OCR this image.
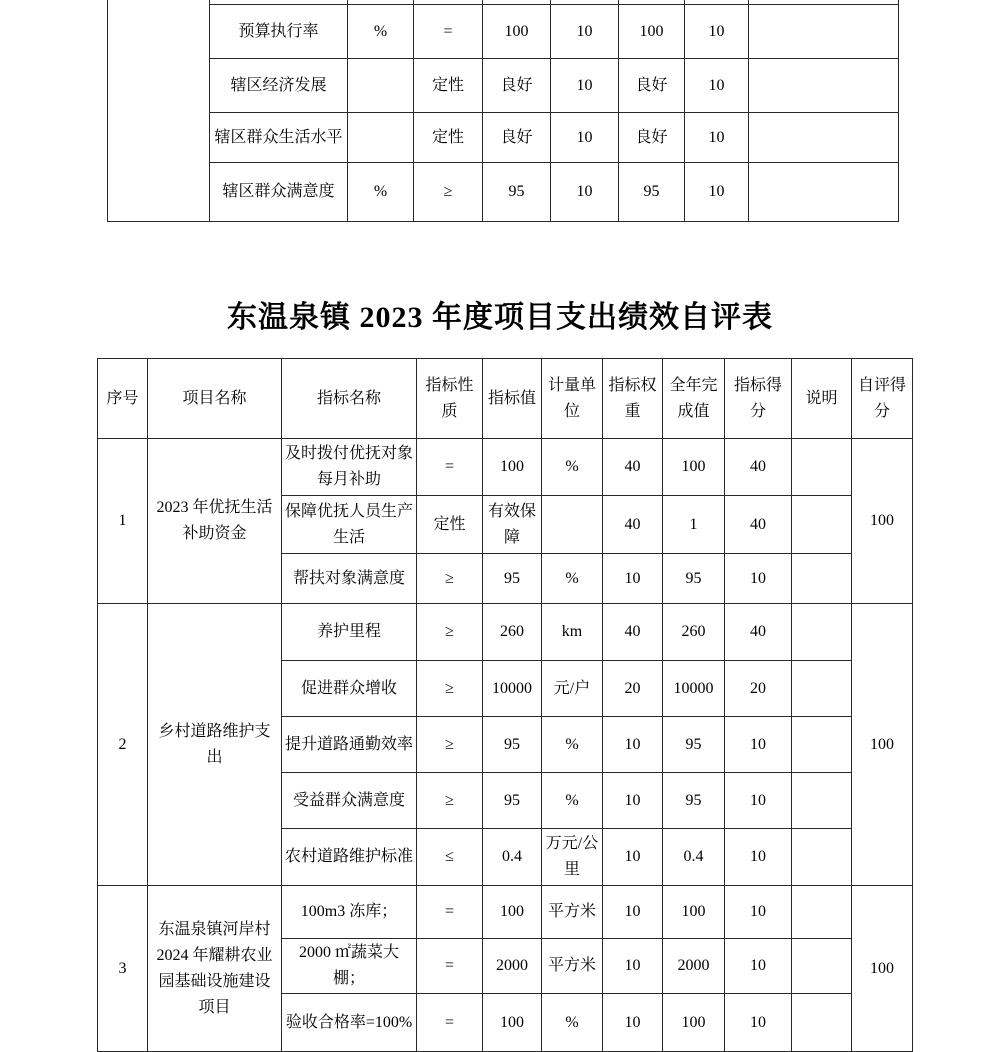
	预算执行率	%	=	100	10	100	10	
	辖区经济发展		定性	良好	10	良好	10	
	辖区群众生活水平		定性	良好	10	良好	10	
	辖区群众满意度	%	≥	95	10	95	10	
东温泉镇 2023 年度项目支出绩效自评表
序号	项目名称	指标名称	指标性质	指标值	计量单位	指标权重	全年完成值	指标得分	说明	自评得分
1	2023 年优抚生活补助资金	及时拨付优抚对象每月补助	=	100	%	40	100	40		100
		保障优抚人员生产生活	定性	有效保障		40	1	40		
		帮扶对象满意度	≥	95	%	10	95	10		
2	乡村道路维护支出	养护里程	≥	260	km	40	260	40		100
		促进群众增收	≥	10000	元/户	20	10000	20		
		提升道路通勤效率	≥	95	%	10	95	10		
		受益群众满意度	≥	95	%	10	95	10		
		农村道路维护标准	≤	0.4	万元/公里	10	0.4	10		
3	东温泉镇河岸村 2024 年耀耕农业园基础设施建设项目	100m3 冻库；	=	100	平方米	10	100	10		100
		2000 ㎡蔬菜大棚；	=	2000	平方米	10	2000	10		
		验收合格率=100%	=	100	%	10	100	10		
